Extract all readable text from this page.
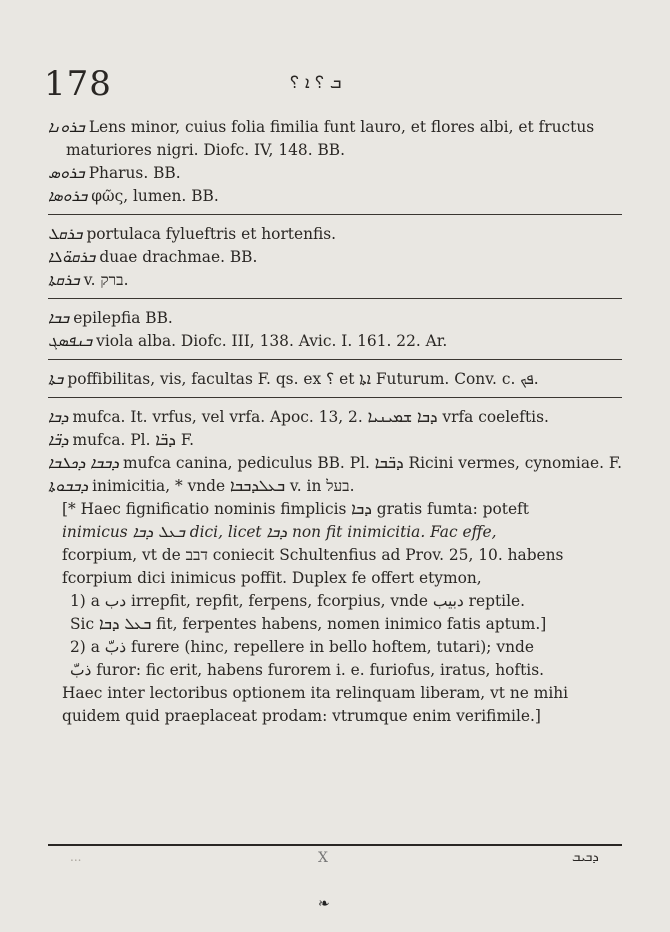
178	ܒ ؟ ܐ ؟

ܒܪܘܢܐ Lens minor, cuius folia fimilia funt lauro, et flores albi, et fructus maturiores nigri. Diofc. IV, 148. BB.

ܒܪܘܣ Pharus. BB.

ܒܪܘܣܐ φῶς, lumen. BB.

ܒܪܩܠ portulaca fylueftris et hortenfis.

ܒܪܩܘ̈ܠܐ duae drachmae. BB.

ܒܪܩܬܐ v. ברק.

ܒܒܐ epilepfia BB.

ܒܢܦܣܓ viola alba. Diofc. III, 138. Avic. I. 161. 22. Ar.

ܒܬܐ poffibilitas, vis, facultas F. qs. ex ؟ et ܐܬܐ Futurum. Conv. c. ܦܟ.

ܕܒܐ mufca. It. vrfus, vel vrfa. Apoc. 13, 2. ܕܒܐ ܫܡܝܢܝܐ vrfa coeleftis.

ܕܒ̈ܐ mufca. Pl. ܕܒ̈ܐ F.

ܕܒܒܐ ܕܟܠܒܐ mufca canina, pediculus BB. Pl. ܕܒ̈ܒܐ Ricini vermes, cynomiae. F.

ܕܒܒܘܬܐ inimicitia, * vnde ܒܥܠܕܒܒܐ v. in בעל.

[* Haec fignificatio nominis fimplicis ܕܒܐ gratis fumta: poteft

inimicus ܒܥܠ ܕܒܐ dici, licet ܕܒܐ non fit inimicitia. Fac effe,

fcorpium, vt de דבב coniecit Schultenfius ad Prov. 25, 10. habens

fcorpium dici inimicus poffit. Duplex fe offert etymon,

1) a دب irrepfit, repfit, ferpens, fcorpius, vnde دبيب reptile.

Sic ܒܥܠ ܕܒܐ fit, ferpentes habens, nomen inimico fatis aptum.]

2) a ذبّ furere (hinc, repellere in bello hoftem, tutari); vnde

ذبّ furor: fic erit, habens furorem i. e. furiofus, iratus, hoftis.

Haec inter lectoribus optionem ita relinquam liberam, vt ne mihi quidem quid praeplaceat prodam: vtrumque enim verifimile.]

...	X	ܕܒܝܒ
❧
